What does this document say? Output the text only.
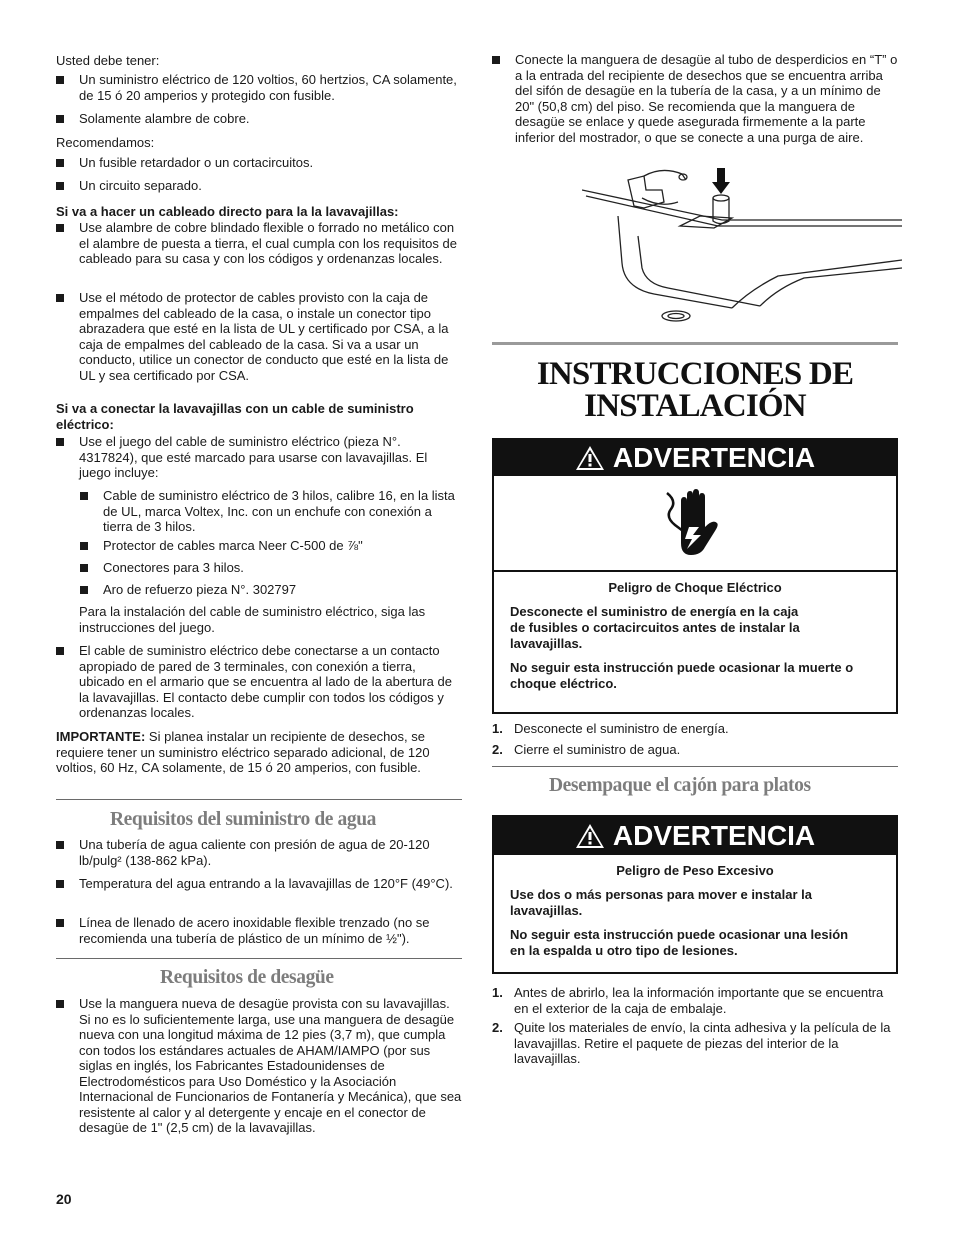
Usted debe tener:

Un suministro eléctrico de 120 voltios, 60 hertzios, CA solamente, de 15 ó 20 amperios y protegido con fusible.

Solamente alambre de cobre.

Recomendamos:

Un fusible retardador o un cortacircuitos.

Un circuito separado.

Si va a hacer un cableado directo para la la lavavajillas:

Use alambre de cobre blindado flexible o forrado no metálico con el alambre de puesta a tierra, el cual cumpla con los requisitos de cableado para su casa y con los códigos y ordenanzas locales.

Use el método de protector de cables provisto con la caja de empalmes del cableado de la casa, o instale un conector tipo abrazadera que esté en la lista de UL y certificado por CSA, a la caja de empalmes del cableado de la casa. Si va a usar un conducto, utilice un conector de conducto que esté en la lista de UL y sea certificado por CSA.

Si va a conectar la lavavajillas con un cable de suministro eléctrico:

Use el juego del cable de suministro eléctrico (pieza N°. 4317824), que esté marcado para usarse con lavavajillas. El juego incluye:

Cable de suministro eléctrico de 3 hilos, calibre 16, en la lista de UL, marca Voltex, Inc. con un enchufe con conexión a tierra de 3 hilos.

Protector de cables marca Neer C-500 de ⅞"

Conectores para 3 hilos.

Aro de refuerzo pieza N°. 302797

Para la instalación del cable de suministro eléctrico, siga las instrucciones del juego.

El cable de suministro eléctrico debe conectarse a un contacto apropiado de pared de 3 terminales, con conexión a tierra, ubicado en el armario que se encuentra al lado de la abertura de la lavavajillas. El contacto debe cumplir con todos los códigos y ordenanzas locales.

IMPORTANTE: Si planea instalar un recipiente de desechos, se requiere tener un suministro eléctrico separado adicional, de 120 voltios, 60 Hz, CA solamente, de 15 ó 20 amperios, con fusible.

Requisitos del suministro de agua

Una tubería de agua caliente con presión de agua de 20-120 lb/pulg² (138-862 kPa).

Temperatura del agua entrando a la lavavajillas de 120°F (49°C).

Línea de llenado de acero inoxidable flexible trenzado (no se recomienda una tubería de plástico de un mínimo de ½").

Requisitos de desagüe

Use la manguera nueva de desagüe provista con su lavavajillas. Si no es lo suficientemente larga, use una manguera de desagüe nueva con una longitud máxima de 12 pies (3,7 m), que cumpla con todos los estándares actuales de AHAM/IAMPO (por sus siglas en inglés, los Fabricantes Estadounidenses de Electrodomésticos para Uso Doméstico y la Asociación Internacional de Funcionarios de Fontanería y Mecánica), que sea resistente al calor y al detergente y encaje en el conector de desagüe de 1" (2,5 cm) de la lavavajillas.

20

Conecte la manguera de desagüe al tubo de desperdicios en “T” o a la entrada del recipiente de desechos que se encuentra arriba del sifón de desagüe en la tubería de la casa, y a un mínimo de 20" (50,8 cm) del piso. Se recomienda que la manguera de desagüe se enlace y quede asegurada firmemente a la parte inferior del mostrador, o que se conecte a una purga de aire.

INSTRUCCIONES DE
INSTALACIÓN
ADVERTENCIA

Peligro de Choque Eléctrico

Desconecte el suministro de energía en la caja de fusibles o cortacircuitos antes de instalar la lavavajillas.

No seguir esta instrucción puede ocasionar la muerte o choque eléctrico.

1. Desconecte el suministro de energía.

2. Cierre el suministro de agua.

Desempaque el cajón para platos

ADVERTENCIA

Peligro de Peso Excesivo

Use dos o más personas para mover e instalar la lavavajillas.

No seguir esta instrucción puede ocasionar una lesión en la espalda u otro tipo de lesiones.

1. Antes de abrirlo, lea la información importante que se encuentra en el exterior de la caja de embalaje.

2. Quite los materiales de envío, la cinta adhesiva y la película de la lavavajillas. Retire el paquete de piezas del interior de la lavavajillas.
